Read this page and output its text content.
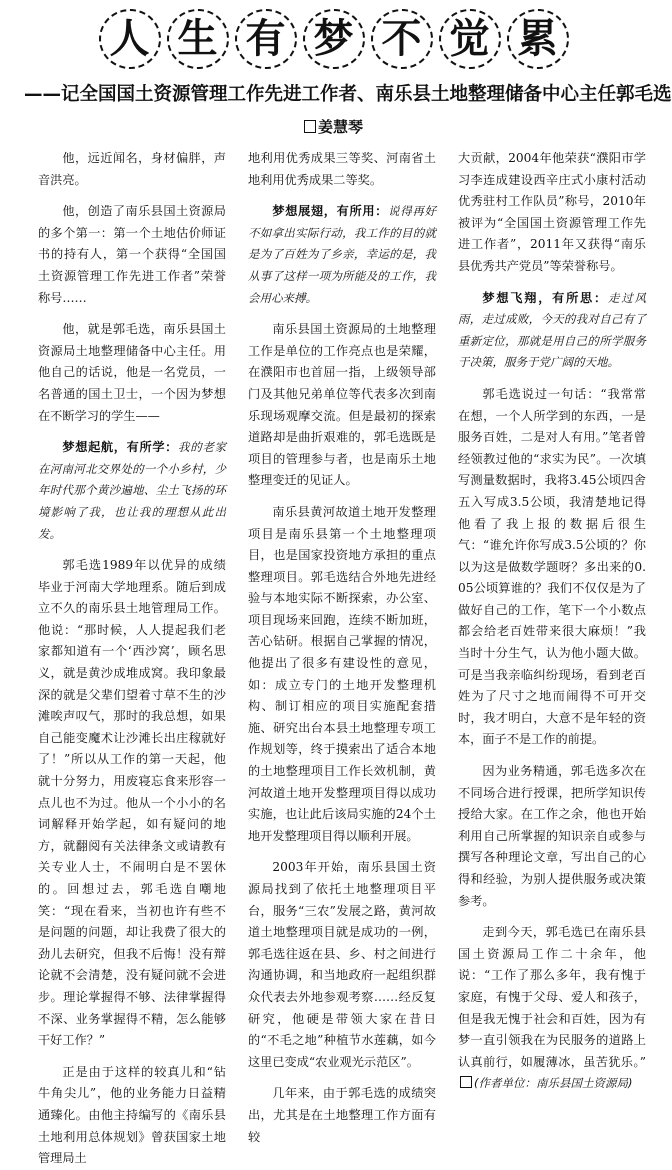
人 生 有 梦 不 觉 累
——记全国国土资源管理工作先进工作者、南乐县土地整理储备中心主任郭毛选
姜慧琴

他，远近闻名，身材偏胖，声音洪亮。

他，创造了南乐县国土资源局的多个第一：第一个土地估价师证书的持有人，第一个获得“全国国土资源管理工作先进工作者”荣誉称号……

他，就是郭毛选，南乐县国土资源局土地整理储备中心主任。用他自己的话说，他是一名党员，一名普通的国土卫士，一个因为梦想在不断学习的学生——

梦想起航，有所学：我的老家在河南河北交界处的一个小乡村，少年时代那个黄沙遍地、尘土飞扬的环境影响了我，也让我的理想从此出发。

郭毛选1989年以优异的成绩毕业于河南大学地理系。随后到成立不久的南乐县土地管理局工作。他说：“那时候，人人提起我们老家都知道有一个‘西沙窝’，顾名思义，就是黄沙成堆成窝。我印象最深的就是父辈们望着寸草不生的沙滩唉声叹气，那时的我总想，如果自己能变魔术让沙滩长出庄稼就好了！”所以从工作的第一天起，他就十分努力，用废寝忘食来形容一点儿也不为过。他从一个小小的名词解释开始学起，如有疑问的地方，就翻阅有关法律条文或请教有关专业人士，不闹明白是不罢休的。回想过去，郭毛选自嘲地笑：“现在看来，当初也许有些不是问题的问题，却让我费了很大的劲儿去研究，但我不后悔！没有辩论就不会清楚，没有疑问就不会进步。理论掌握得不够、法律掌握得不深、业务掌握得不精，怎么能够干好工作？”

正是由于这样的较真儿和“钻牛角尖儿”，他的业务能力日益精通臻化。由他主持编写的《南乐县土地利用总体规划》曾获国家土地管理局土

地利用优秀成果三等奖、河南省土地利用优秀成果二等奖。

梦想展翅，有所用：说得再好不如拿出实际行动，我工作的目的就是为了百姓为了乡亲，幸运的是，我从事了这样一项为所能及的工作，我会用心来搏。

南乐县国土资源局的土地整理工作是单位的工作亮点也是荣耀，在濮阳市也首屈一指，上级领导部门及其他兄弟单位等代表多次到南乐现场观摩交流。但是最初的探索道路却是曲折艰难的，郭毛选既是项目的管理参与者，也是南乐土地整理变迁的见证人。

南乐县黄河故道土地开发整理项目是南乐县第一个土地整理项目，也是国家投资地方承担的重点整理项目。郭毛选结合外地先进经验与本地实际不断探索，办公室、项目现场来回跑，连续不断加班，苦心钻研。根据自己掌握的情况，他提出了很多有建设性的意见，如：成立专门的土地开发整理机构、制订相应的项目实施配套措施、研究出台本县土地整理专项工作规划等，终于摸索出了适合本地的土地整理项目工作长效机制，黄河故道土地开发整理项目得以成功实施，也让此后该局实施的24个土地开发整理项目得以顺利开展。

2003年开始，南乐县国土资源局找到了依托土地整理项目平台，服务“三农”发展之路，黄河故道土地整理项目就是成功的一例，郭毛选往返在县、乡、村之间进行沟通协调，和当地政府一起组织群众代表去外地参观考察……经反复研究，他硬是带领大家在昔日的“不毛之地”种植节水莲藕，如今这里已变成“农业观光示范区”。

几年来，由于郭毛选的成绩突出，尤其是在土地整理工作方面有较

大贡献，2004年他荣获“濮阳市学习李连成建设西辛庄式小康村活动优秀驻村工作队员”称号，2010年被评为“全国国土资源管理工作先进工作者”，2011年又获得“南乐县优秀共产党员”等荣誉称号。

梦想飞翔，有所思：走过风雨，走过成败，今天的我对自己有了重新定位，那就是用自己的所学服务于决策，服务于党广阔的天地。

郭毛选说过一句话：“我常常在想，一个人所学到的东西，一是服务百姓，二是对人有用。”笔者曾经领教过他的“求实为民”。一次填写测量数据时，我将3.45公顷四舍五入写成3.5公顷，我清楚地记得他看了我上报的数据后很生气：“谁允许你写成3.5公顷的？你以为这是做数学题呀？多出来的0.05公顷算谁的？我们不仅仅是为了做好自己的工作，笔下一个小数点都会给老百姓带来很大麻烦！”我当时十分生气，认为他小题大做。可是当我亲临纠纷现场，看到老百姓为了尺寸之地而闹得不可开交时，我才明白，大意不是年轻的资本，面子不是工作的前提。

因为业务精通，郭毛选多次在不同场合进行授课，把所学知识传授给大家。在工作之余，他也开始利用自己所掌握的知识亲自或参与撰写各种理论文章，写出自己的心得和经验，为别人提供服务或决策参考。

走到今天，郭毛选已在南乐县国土资源局工作二十余年，他说：“工作了那么多年，我有愧于家庭，有愧于父母、爱人和孩子，但是我无愧于社会和百姓，因为有梦一直引领我在为民服务的道路上认真前行，如履薄冰，虽苦犹乐。”(作者单位：南乐县国土资源局)
